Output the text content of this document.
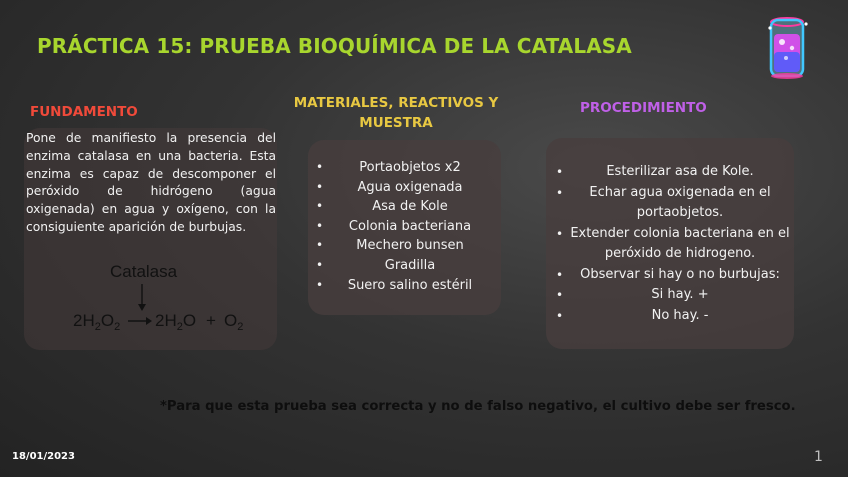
PRÁCTICA 15: PRUEBA BIOQUÍMICA DE LA CATALASA
FUNDAMENTO
Pone de manifiesto la presencia del enzima catalasa en una bacteria. Esta enzima es capaz de descomponer el peróxido de hidrógeno (agua oxigenada) en agua y oxígeno, con la consiguiente aparición de burbujas.
Catalasa
$2H_2O_2$ $2H_2O + O_2$
MATERIALES, REACTIVOS Y MUESTRA
•	Portaobjetos x2
•	Agua oxigenada
•	Asa de Kole
• Colonia bacteriana
•	Mechero bunsen
•	Gradilla
• Suero salino estéril
PROCEDIMIENTO
•	Esterilizar asa de Kole.
• Echar agua oxigenada en el portaobjetos.
• Extender colonia bacteriana en el peróxido de hidrogeno.
• Observar si hay o no burbujas:
•	Si hay. +
•	No hay. -
*Para que esta prueba sea correcta y no de falso negativo, el cultivo debe ser fresco.
18/01/2023	1
